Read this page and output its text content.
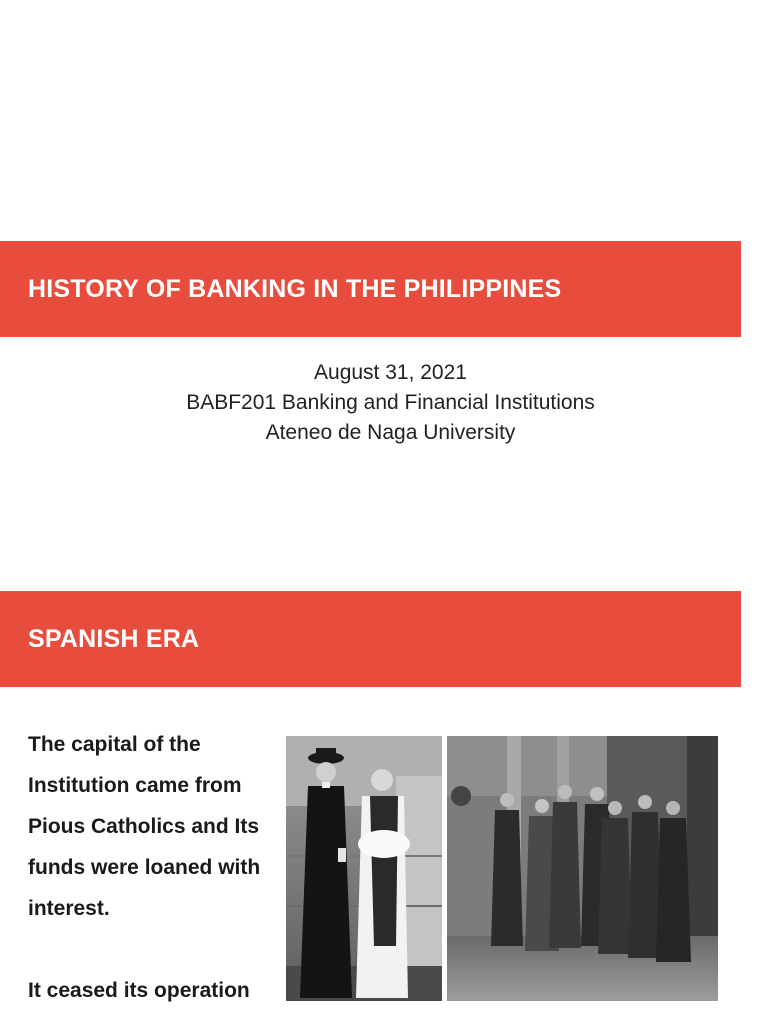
HISTORY OF BANKING IN THE PHILIPPINES
August 31, 2021
BABF201 Banking and Financial Institutions
Ateneo de Naga University
SPANISH ERA

The capital of the Institution came from Pious Catholics and Its funds were loaned with interest.

It ceased its operation
